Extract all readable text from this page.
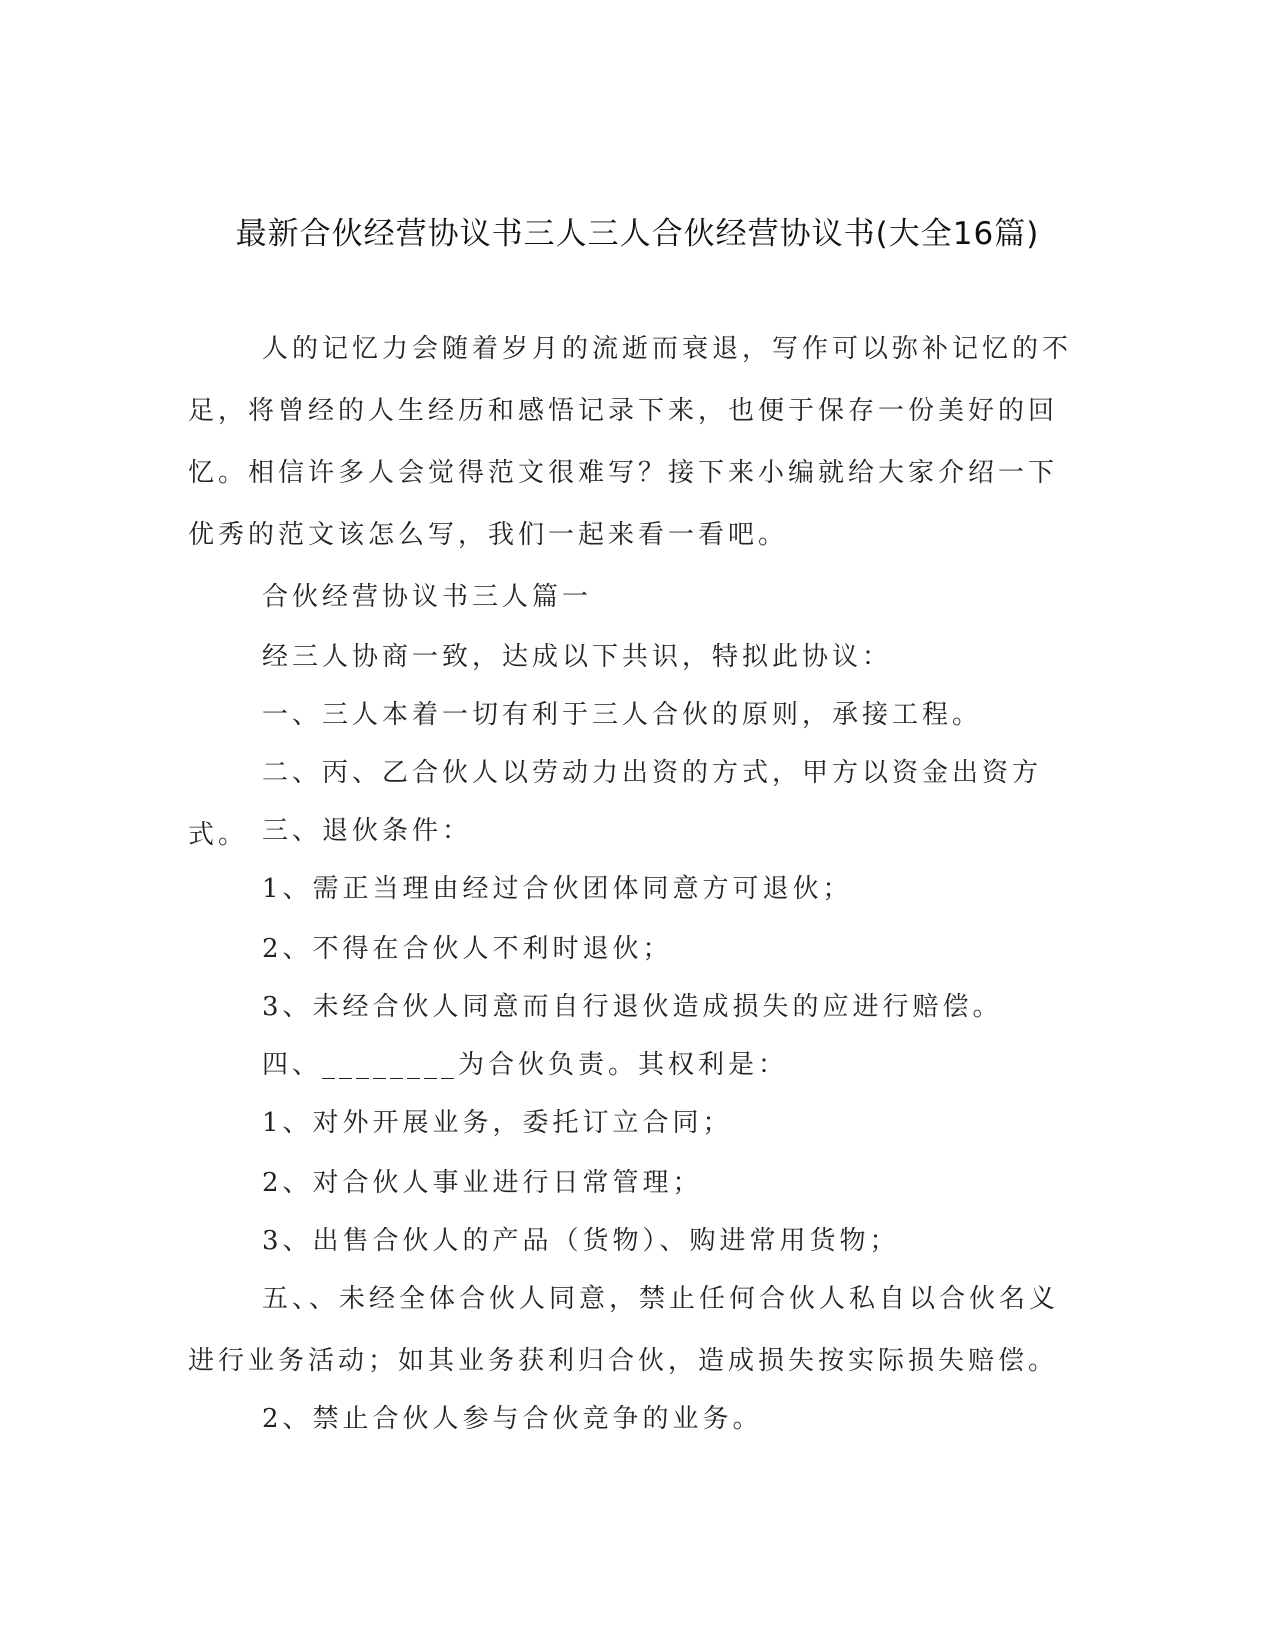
最新合伙经营协议书三人三人合伙经营协议书(大全16篇)

人的记忆力会随着岁月的流逝而衰退，写作可以弥补记忆的不足，将曾经的人生经历和感悟记录下来，也便于保存一份美好的回忆。相信许多人会觉得范文很难写？接下来小编就给大家介绍一下优秀的范文该怎么写，我们一起来看一看吧。

合伙经营协议书三人篇一

经三人协商一致，达成以下共识，特拟此协议：

一、三人本着一切有利于三人合伙的原则，承接工程。

二、丙、乙合伙人以劳动力出资的方式，甲方以资金出资方式。 三、退伙条件：

1、需正当理由经过合伙团体同意方可退伙；

2、不得在合伙人不利时退伙；

3、未经合伙人同意而自行退伙造成损失的应进行赔偿。

四、________为合伙负责。其权利是：

1、对外开展业务，委托订立合同；

2、对合伙人事业进行日常管理；

3、出售合伙人的产品（货物）、购进常用货物；

五、、未经全体合伙人同意，禁止任何合伙人私自以合伙名义进行业务活动；如其业务获利归合伙，造成损失按实际损失赔偿。

2、禁止合伙人参与合伙竞争的业务。
